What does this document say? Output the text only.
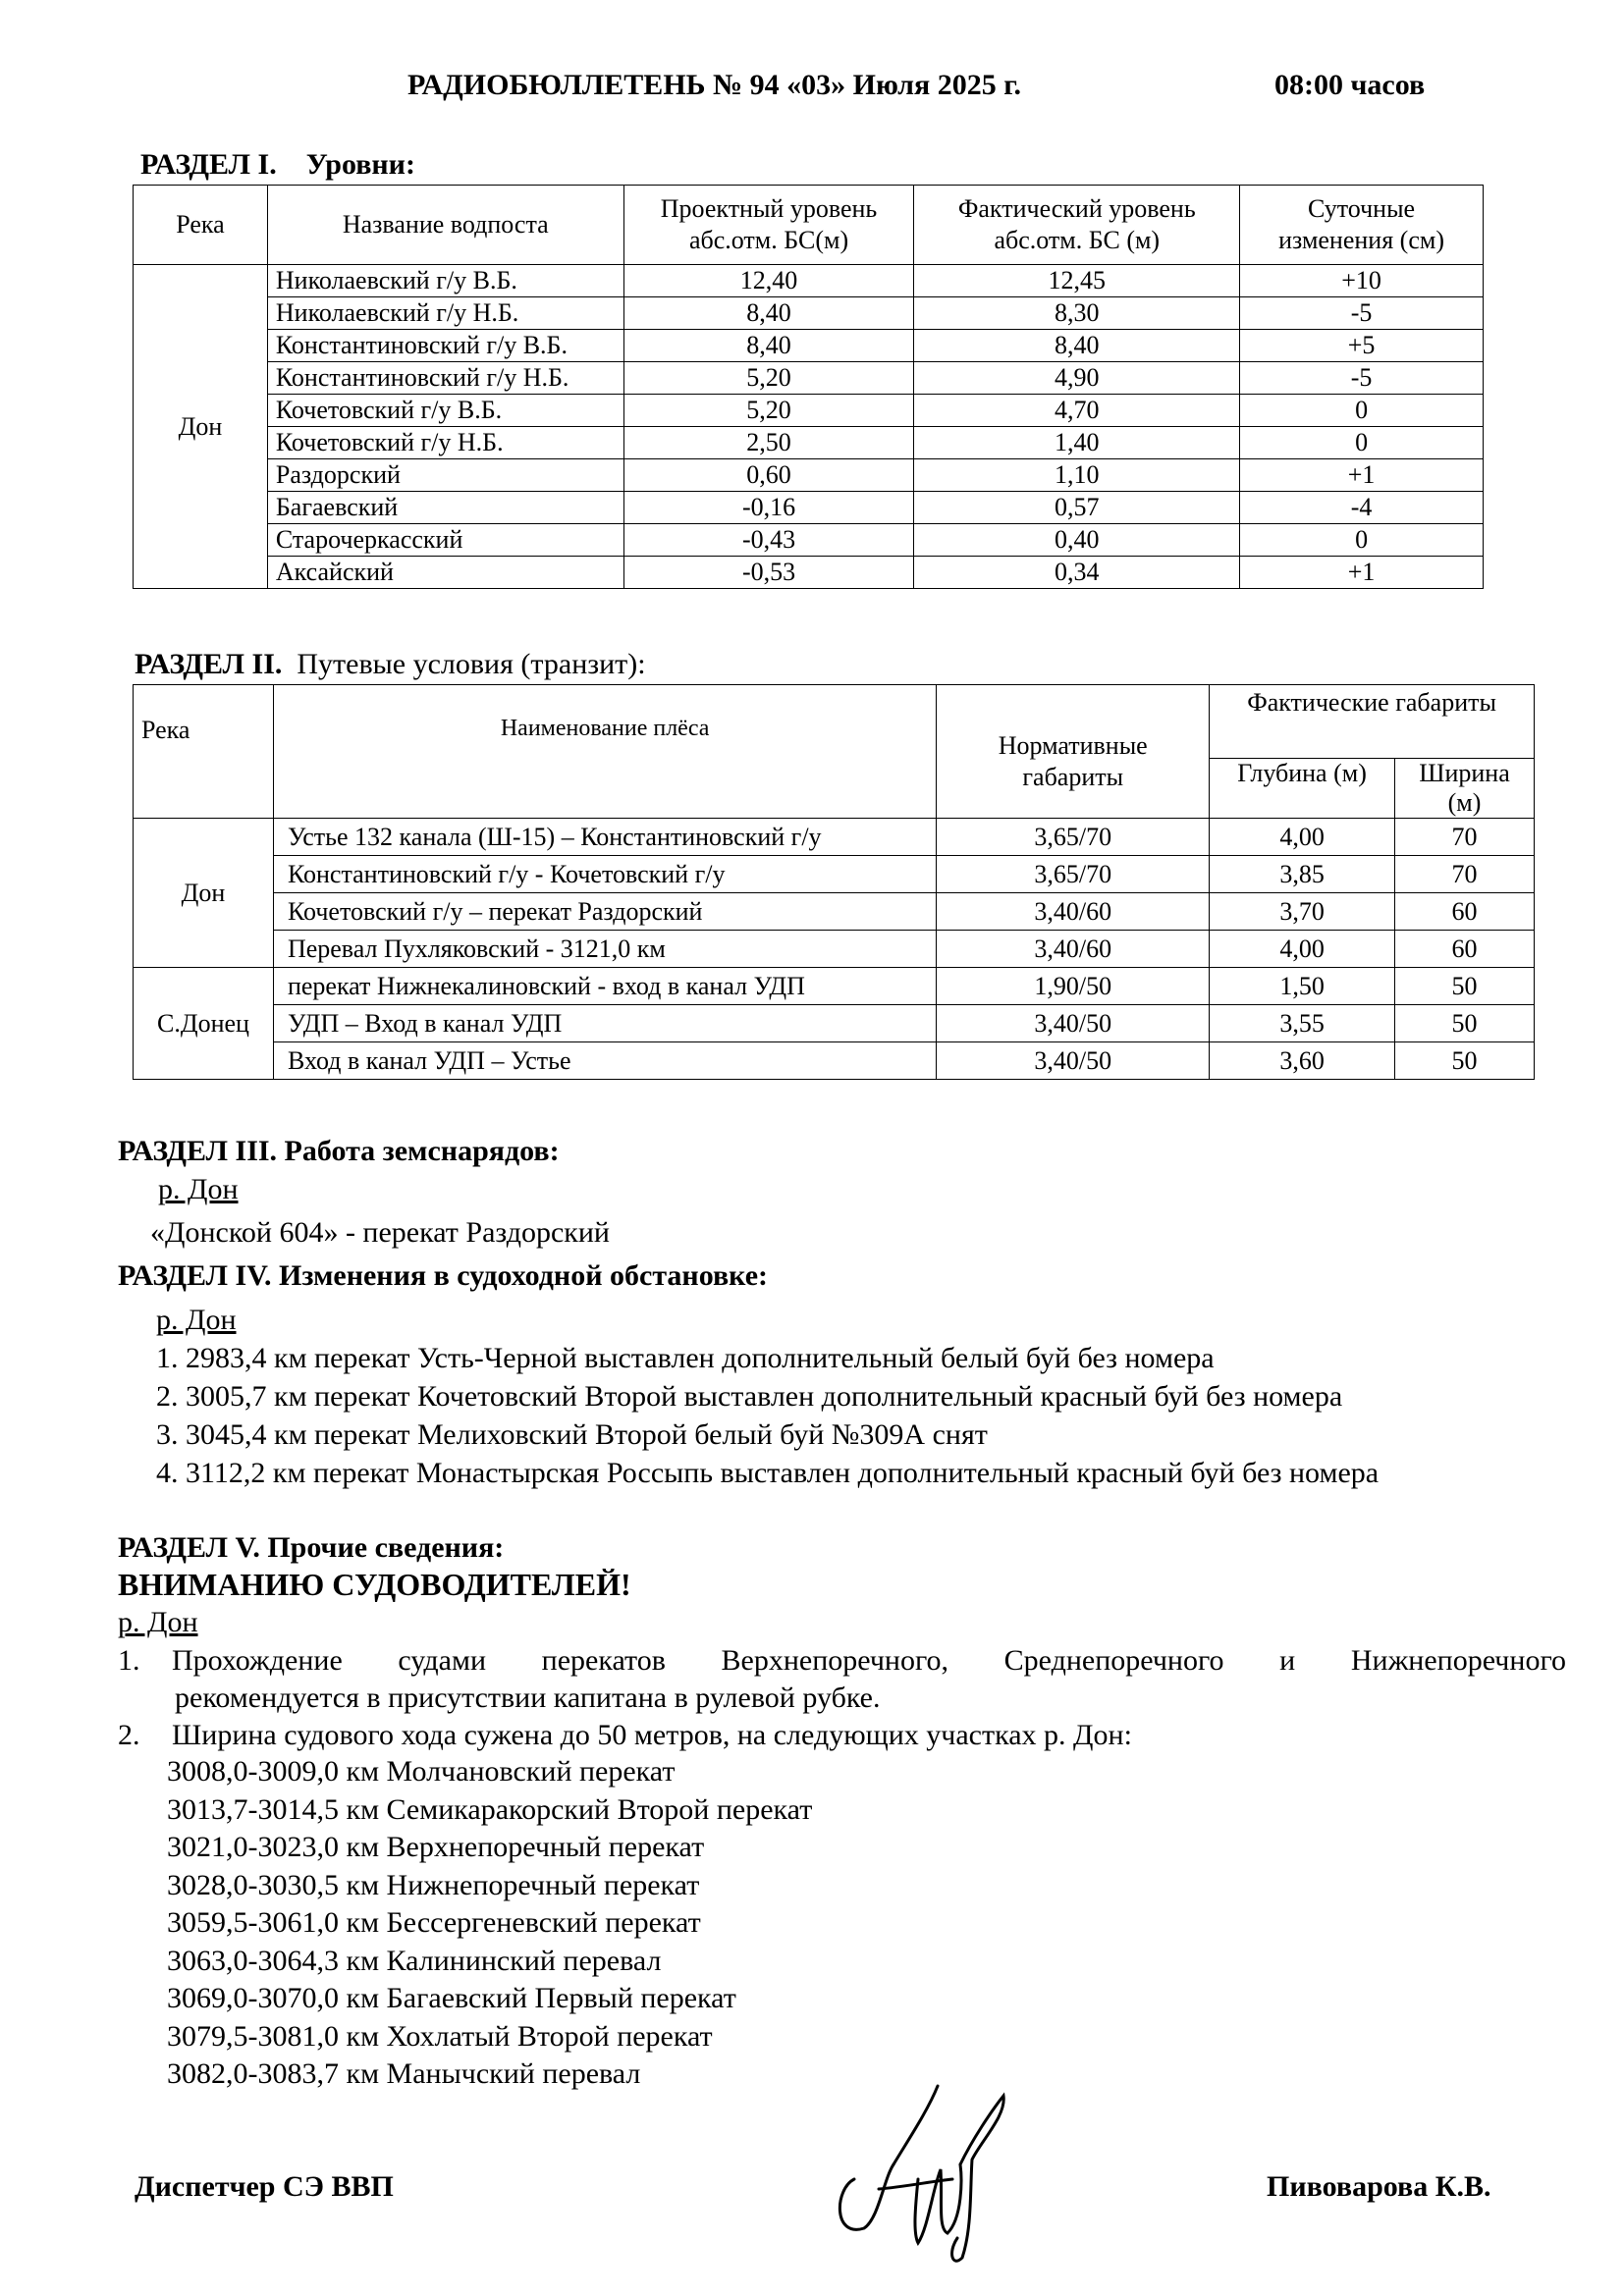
РАДИОБЮЛЛЕТЕНЬ № 94 «03» Июля 2025 г.	08:00 часов
РАЗДЕЛ I. Уровни:
Река	Название водпоста	Проектный уровень абс.отм. БС(м)	Фактический уровень абс.отм. БС (м)	Суточные изменения (см)
Дон	Николаевский г/у В.Б.	12,40	12,45	+10
	Николаевский г/у Н.Б.	8,40	8,30	-5
	Константиновский г/у В.Б.	8,40	8,40	+5
	Константиновский г/у Н.Б.	5,20	4,90	-5
	Кочетовский г/у В.Б.	5,20	4,70	0
	Кочетовский г/у Н.Б.	2,50	1,40	0
	Раздорский	0,60	1,10	+1
	Багаевский	-0,16	0,57	-4
	Старочеркасский	-0,43	0,40	0
	Аксайский	-0,53	0,34	+1
РАЗДЕЛ II. Путевые условия (транзит):
Река	Наименование плёса	Нормативные габариты	Фактические габариты	
			Глубина (м)	Ширина (м)
Дон	Устье 132 канала (Ш-15) – Константиновский г/у	3,65/70	4,00	70
	Константиновский г/у - Кочетовский г/у	3,65/70	3,85	70
	Кочетовский г/у – перекат Раздорский	3,40/60	3,70	60
	Перевал Пухляковский - 3121,0 км	3,40/60	4,00	60
С.Донец	перекат Нижнекалиновский - вход в канал УДП	1,90/50	1,50	50
	УДП – Вход в канал УДП	3,40/50	3,55	50
	Вход в канал УДП – Устье	3,40/50	3,60	50
РАЗДЕЛ III. Работа земснарядов:
р. Дон
«Донской 604» - перекат Раздорский
РАЗДЕЛ IV. Изменения в судоходной обстановке:
р. Дон
1. 2983,4 км перекат Усть-Черной выставлен дополнительный белый буй без номера
2. 3005,7 км перекат Кочетовский Второй выставлен дополнительный красный буй без номера
3. 3045,4 км перекат Мелиховский Второй белый буй №309А снят
4. 3112,2 км перекат Монастырская Россыпь выставлен дополнительный красный буй без номера
РАЗДЕЛ V. Прочие сведения:
ВНИМАНИЮ СУДОВОДИТЕЛЕЙ!
р. Дон
1. Прохождение судами перекатов Верхнепоречного, Среднепоречного и Нижнепоречного
рекомендуется в присутствии капитана в рулевой рубке.
2. Ширина судового хода сужена до 50 метров, на следующих участках р. Дон:
3008,0-3009,0 км Молчановский перекат
3013,7-3014,5 км Семикаракорский Второй перекат
3021,0-3023,0 км Верхнепоречный перекат
3028,0-3030,5 км Нижнепоречный перекат
3059,5-3061,0 км Бессергеневский перекат
3063,0-3064,3 км Калининский перевал
3069,0-3070,0 км Багаевский Первый перекат
3079,5-3081,0 км Хохлатый Второй перекат
3082,0-3083,7 км Манычский перевал
Диспетчер СЭ ВВП	Пивоварова К.В.
